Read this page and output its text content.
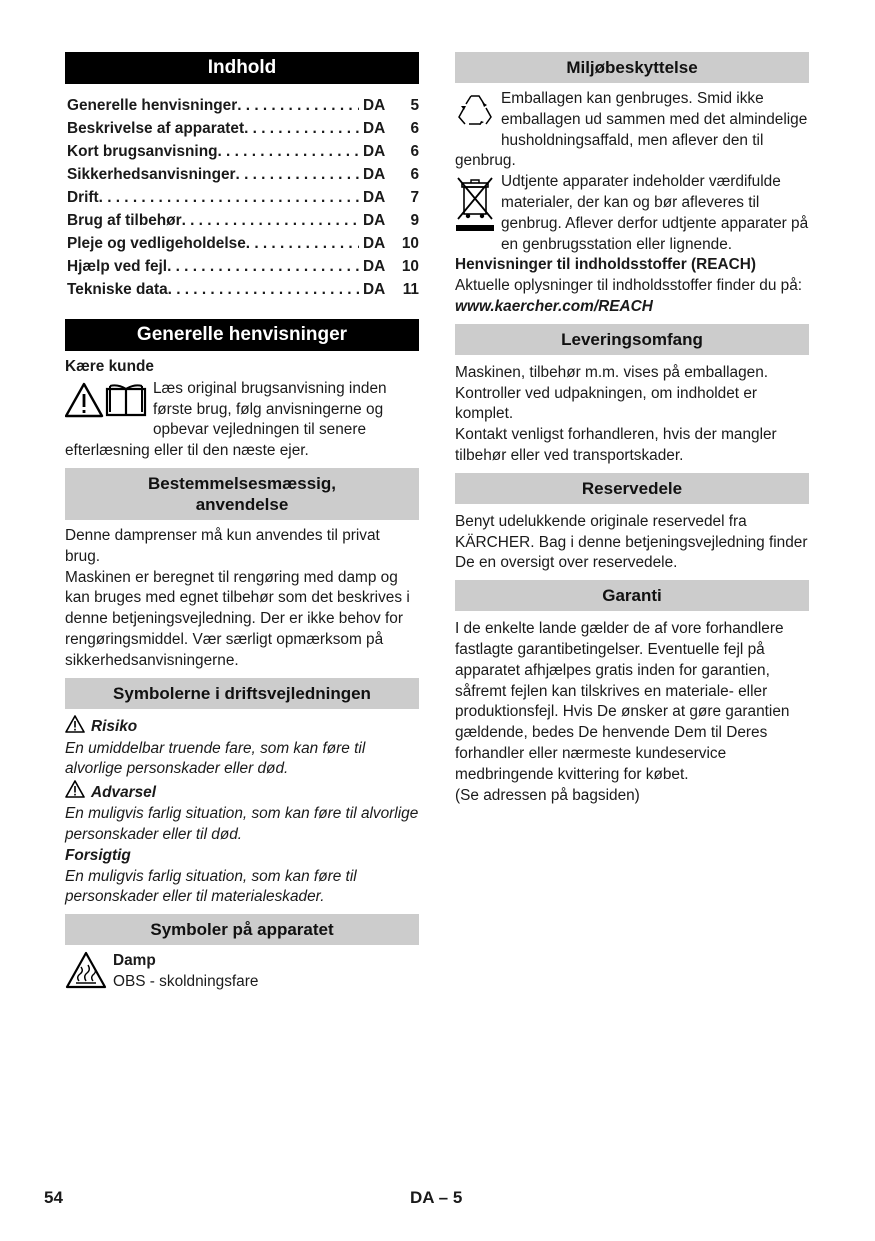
Indhold
Generelle henvisninger . . .	DA	5
Beskrivelse af apparatet . . .	DA	6
Kort brugsanvisning . . .	DA	6
Sikkerhedsanvisninger . . .	DA	6
Drift . . .	DA	7
Brug af tilbehør . . .	DA	9
Pleje og vedligeholdelse . . .	DA	10
Hjælp ved fejl . . .	DA	10
Tekniske data . . .	DA	11
Generelle henvisninger

Kære kunde

Læs original brugsanvisning inden første brug, følg anvisningerne og opbevar vejledningen til senere efterlæsning eller til den næste ejer.

Bestemmelsesmæssig, anvendelse

Denne damprenser må kun anvendes til privat brug.

Maskinen er beregnet til rengøring med damp og kan bruges med egnet tilbehør som det beskrives i denne betjeningsvejledning. Der er ikke behov for rengøringsmiddel. Vær særligt opmærksom på sikkerhedsanvisningerne.

Symbolerne i driftsvejledningen
Risiko

En umiddelbar truende fare, som kan føre til alvorlige personskader eller død.

Advarsel

En muligvis farlig situation, som kan føre til alvorlige personskader eller til død.

Forsigtig

En muligvis farlig situation, som kan føre til personskader eller til materialeskader.

Symboler på apparatet

Damp

OBS - skoldningsfare

Miljøbeskyttelse

Emballagen kan genbruges. Smid ikke emballagen ud sammen med det almindelige husholdningsaffald, men aflever den til genbrug.

Udtjente apparater indeholder værdifulde materialer, der kan og bør afleveres til genbrug. Aflever derfor udtjente apparater på en genbrugsstation eller lignende.

Henvisninger til indholdsstoffer (REACH)

Aktuelle oplysninger til indholdsstoffer finder du på:

www.kaercher.com/REACH

Leveringsomfang

Maskinen, tilbehør m.m. vises på emballagen. Kontroller ved udpakningen, om indholdet er komplet.

Kontakt venligst forhandleren, hvis der mangler tilbehør eller ved transportskader.

Reservedele

Benyt udelukkende originale reservedel fra KÄRCHER. Bag i denne betjeningsvejledning finder De en oversigt over reservedele.

Garanti

I de enkelte lande gælder de af vore forhandlere fastlagte garantibetingelser. Eventuelle fejl på apparatet afhjælpes gratis inden for garantien, såfremt fejlen kan tilskrives en materiale- eller produktionsfejl. Hvis De ønsker at gøre garantien gældende, bedes De henvende Dem til Deres forhandler eller nærmeste kundeservice medbringende kvittering for købet.

(Se adressen på bagsiden)

54	DA – 5
